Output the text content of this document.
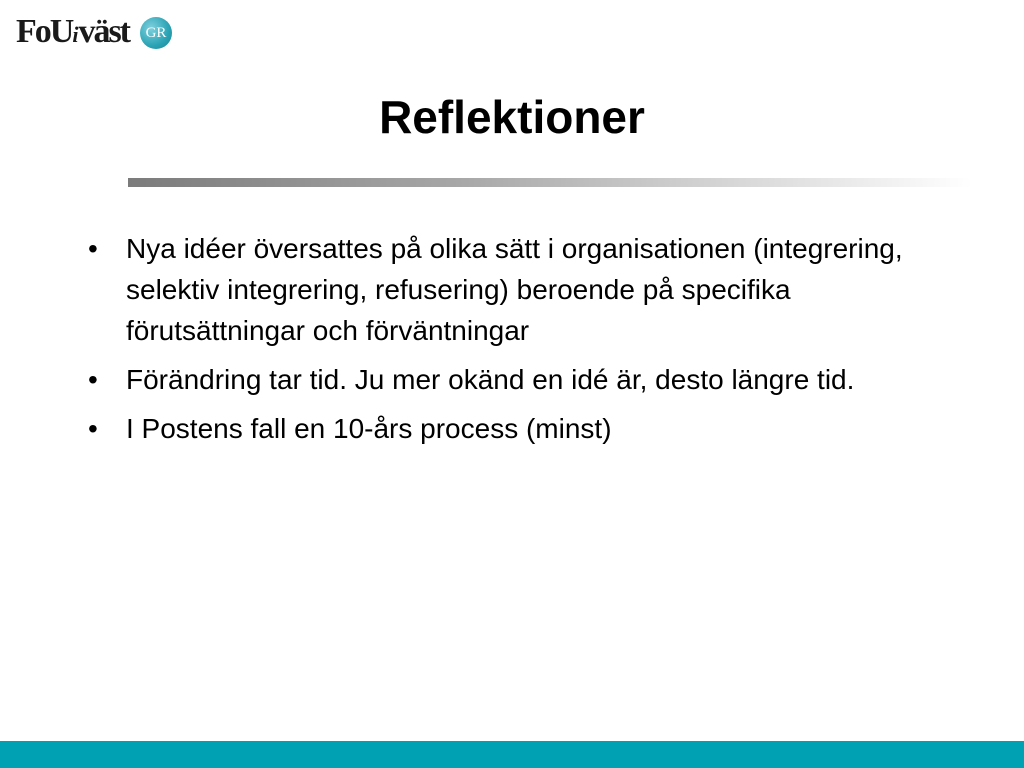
FoUiväst	GR
Reflektioner
• Nya idéer översattes på olika sätt i organisationen (integrering, selektiv integrering, refusering) beroende på specifika förutsättningar och förväntningar
• Förändring tar tid. Ju mer okänd en idé är, desto längre tid.
• I Postens fall en 10-års process (minst)
